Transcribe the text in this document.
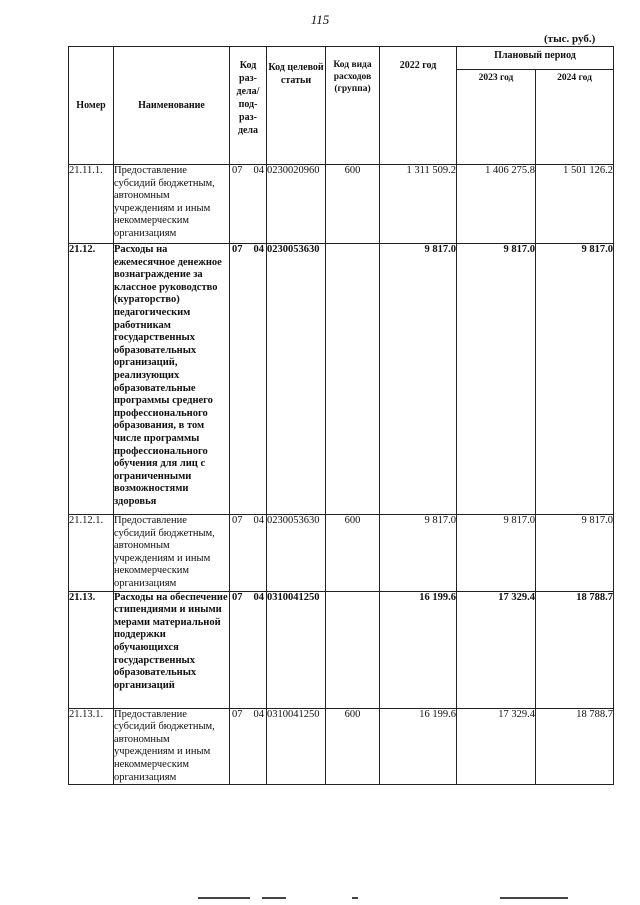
115
(тыс. руб.)
Номер	Наименование	Код раз-дела/ под-раз-дела	Код целевой статьи	Код вида расходов (группа)	2022 год	Плановый период	
						2023 год	2024 год
21.11.1.	Предоставление субсидий бюджетным, автономным учреждениям и иным некоммерческим организациям	07 04	0230020960	600	1 311 509.2	1 406 275.8	1 501 126.2
21.12.	Расходы на ежемесячное денежное вознаграждение за классное руководство (кураторство) педагогическим работникам государственных образовательных организаций, реализующих образовательные программы среднего профессионального образования, в том числе программы профессионального обучения для лиц с ограниченными возможностями здоровья	07 04	0230053630		9 817.0	9 817.0	9 817.0
21.12.1.	Предоставление субсидий бюджетным, автономным учреждениям и иным некоммерческим организациям	07 04	0230053630	600	9 817.0	9 817.0	9 817.0
21.13.	Расходы на обеспечение стипендиями и иными мерами материальной поддержки обучающихся государственных образовательных организаций	07 04	0310041250		16 199.6	17 329.4	18 788.7
21.13.1.	Предоставление субсидий бюджетным, автономным учреждениям и иным некоммерческим организациям	07 04	0310041250	600	16 199.6	17 329.4	18 788.7
